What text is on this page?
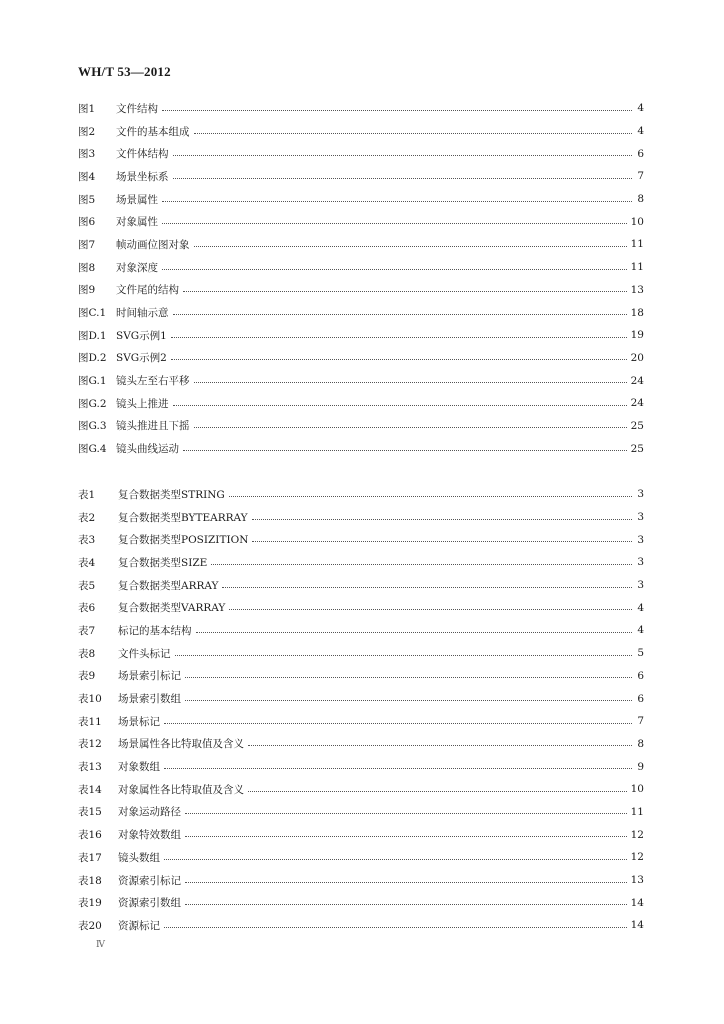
WH/T 53—2012
图1	文件结构	4
图2	文件的基本组成	4
图3	文件体结构	6
图4	场景坐标系	7
图5	场景属性	8
图6	对象属性	10
图7	帧动画位图对象	11
图8	对象深度	11
图9	文件尾的结构	13
图C.1 时间轴示意	18
图D.1 SVG示例1	19
图D.2 SVG示例2	20
图G.1 镜头左至右平移	24
图G.2 镜头上推进	24
图G.3 镜头推进且下摇	25
图G.4 镜头曲线运动	25
表1	复合数据类型STRING	3
表2	复合数据类型BYTEARRAY	3
表3	复合数据类型POSIZITION	3
表4	复合数据类型SIZE	3
表5	复合数据类型ARRAY	3
表6	复合数据类型VARRAY	4
表7	标记的基本结构	4
表8	文件头标记	5
表9	场景索引标记	6
表10	场景索引数组	6
表11	场景标记	7
表12	场景属性各比特取值及含义	8
表13	对象数组	9
表14	对象属性各比特取值及含义	10
表15	对象运动路径	11
表16	对象特效数组	12
表17	镜头数组	12
表18	资源索引标记	13
表19	资源索引数组	14
表20	资源标记	14
Ⅳ
